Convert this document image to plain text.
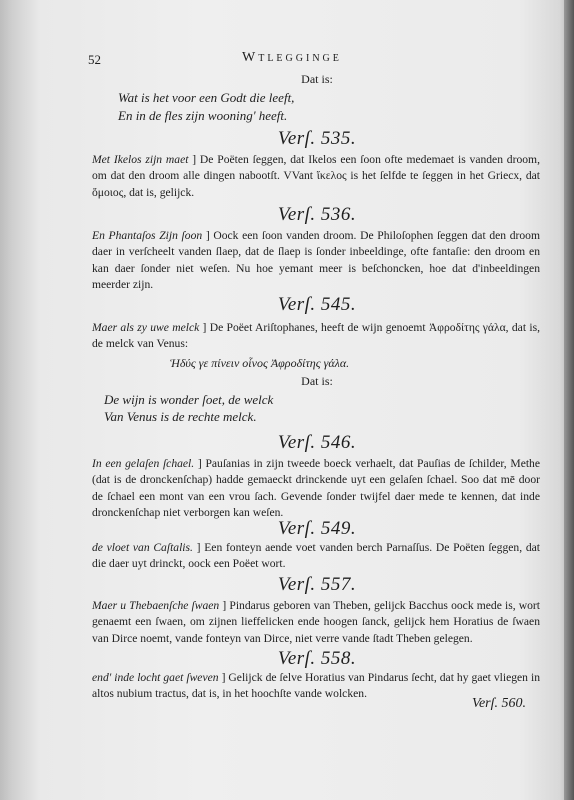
52	Wtlegginge
Dat is:
Wat is het voor een Godt die leeft,
En in de fles zijn wooning' heeft.
Verſ. 535.
Met Ikelos zijn maet ] De Poëten ſeggen, dat Ikelos een ſoon ofte medemaet is vanden droom, om dat den droom alle dingen nabootſt. VVant ἴκελος is het ſelfde te ſeggen in het Griecx, dat ὅμοιος, dat is, gelijck.
Verſ. 536.
En Phantaſos Zijn ſoon ] Oock een ſoon vanden droom. De Philoſophen ſeggen dat den droom daer in verſcheelt vanden ſlaep, dat de ſlaep is ſonder inbeeldinge, ofte fantaſie: den droom en kan daer ſonder niet weſen. Nu hoe yemant meer is beſchoncken, hoe dat d'inbeeldingen meerder zijn.
Verſ. 545.
Maer als zy uwe melck ] De Poëet Ariſtophanes, heeft de wijn genoemt Ἀφροδίτης γάλα, dat is, de melck van Venus:
Ἡδύς γε πίνειν οἶνος Ἀφροδίτης γάλα.
Dat is:
De wijn is wonder ſoet, de welck
Van Venus is de rechte melck.
Verſ. 546.
In een gelaſen ſchael. ] Pauſanias in zijn tweede boeck verhaelt, dat Pauſias de ſchilder, Methe (dat is de dronckenſchap) hadde gemaeckt drinckende uyt een gelaſen ſchael. Soo dat mē door de ſchael een mont van een vrou ſach. Gevende ſonder twijfel daer mede te kennen, dat inde dronckenſchap niet verborgen kan weſen.
Verſ. 549.
de vloet van Caſtalis. ] Een fonteyn aende voet vanden berch Parnaſſus. De Poëten ſeggen, dat die daer uyt drinckt, oock een Poëet wort.
Verſ. 557.
Maer u Thebaenſche ſwaen ] Pindarus geboren van Theben, gelijck Bacchus oock mede is, wort genaemt een ſwaen, om zijnen lieffelicken ende hoogen ſanck, gelijck hem Horatius de ſwaen van Dirce noemt, vande fonteyn van Dirce, niet verre vande ſtadt Theben gelegen.
Verſ. 558.
end' inde locht gaet ſweven ] Gelijck de ſelve Horatius van Pindarus ſecht, dat hy gaet vliegen in altos nubium tractus, dat is, in het hoochſte vande wolcken.
Verſ. 560.
